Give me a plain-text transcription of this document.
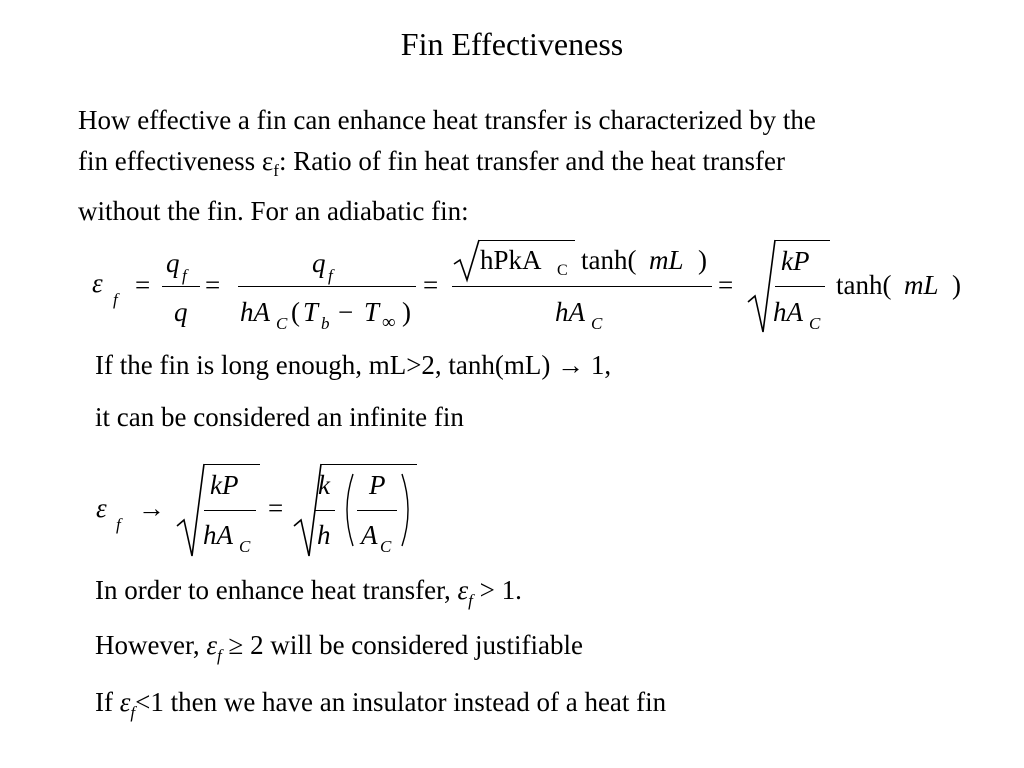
Fin Effectiveness
How effective a fin can enhance heat transfer is characterized by the
fin effectiveness $\varepsilon_f$: Ratio of fin heat transfer and the heat transfer
without the fin. For an adiabatic fin:
ε
f =
q f
q
=
q f
hA C ( T b − T ∞ )
=
hPkA C tanh( mL )
hA C
=
kP
hA C
tanh( mL )
If the fin is long enough, mL>2, tanh(mL) → 1,
it can be considered an infinite fin
ε
f
→
kP
hA C
=
k
h
P
A C
In order to enhance heat transfer, $\varepsilon_f > 1$.
However, $\varepsilon_f \ge 2$ will be considered justifiable
If $\varepsilon_f<1$ then we have an insulator instead of a heat fin
